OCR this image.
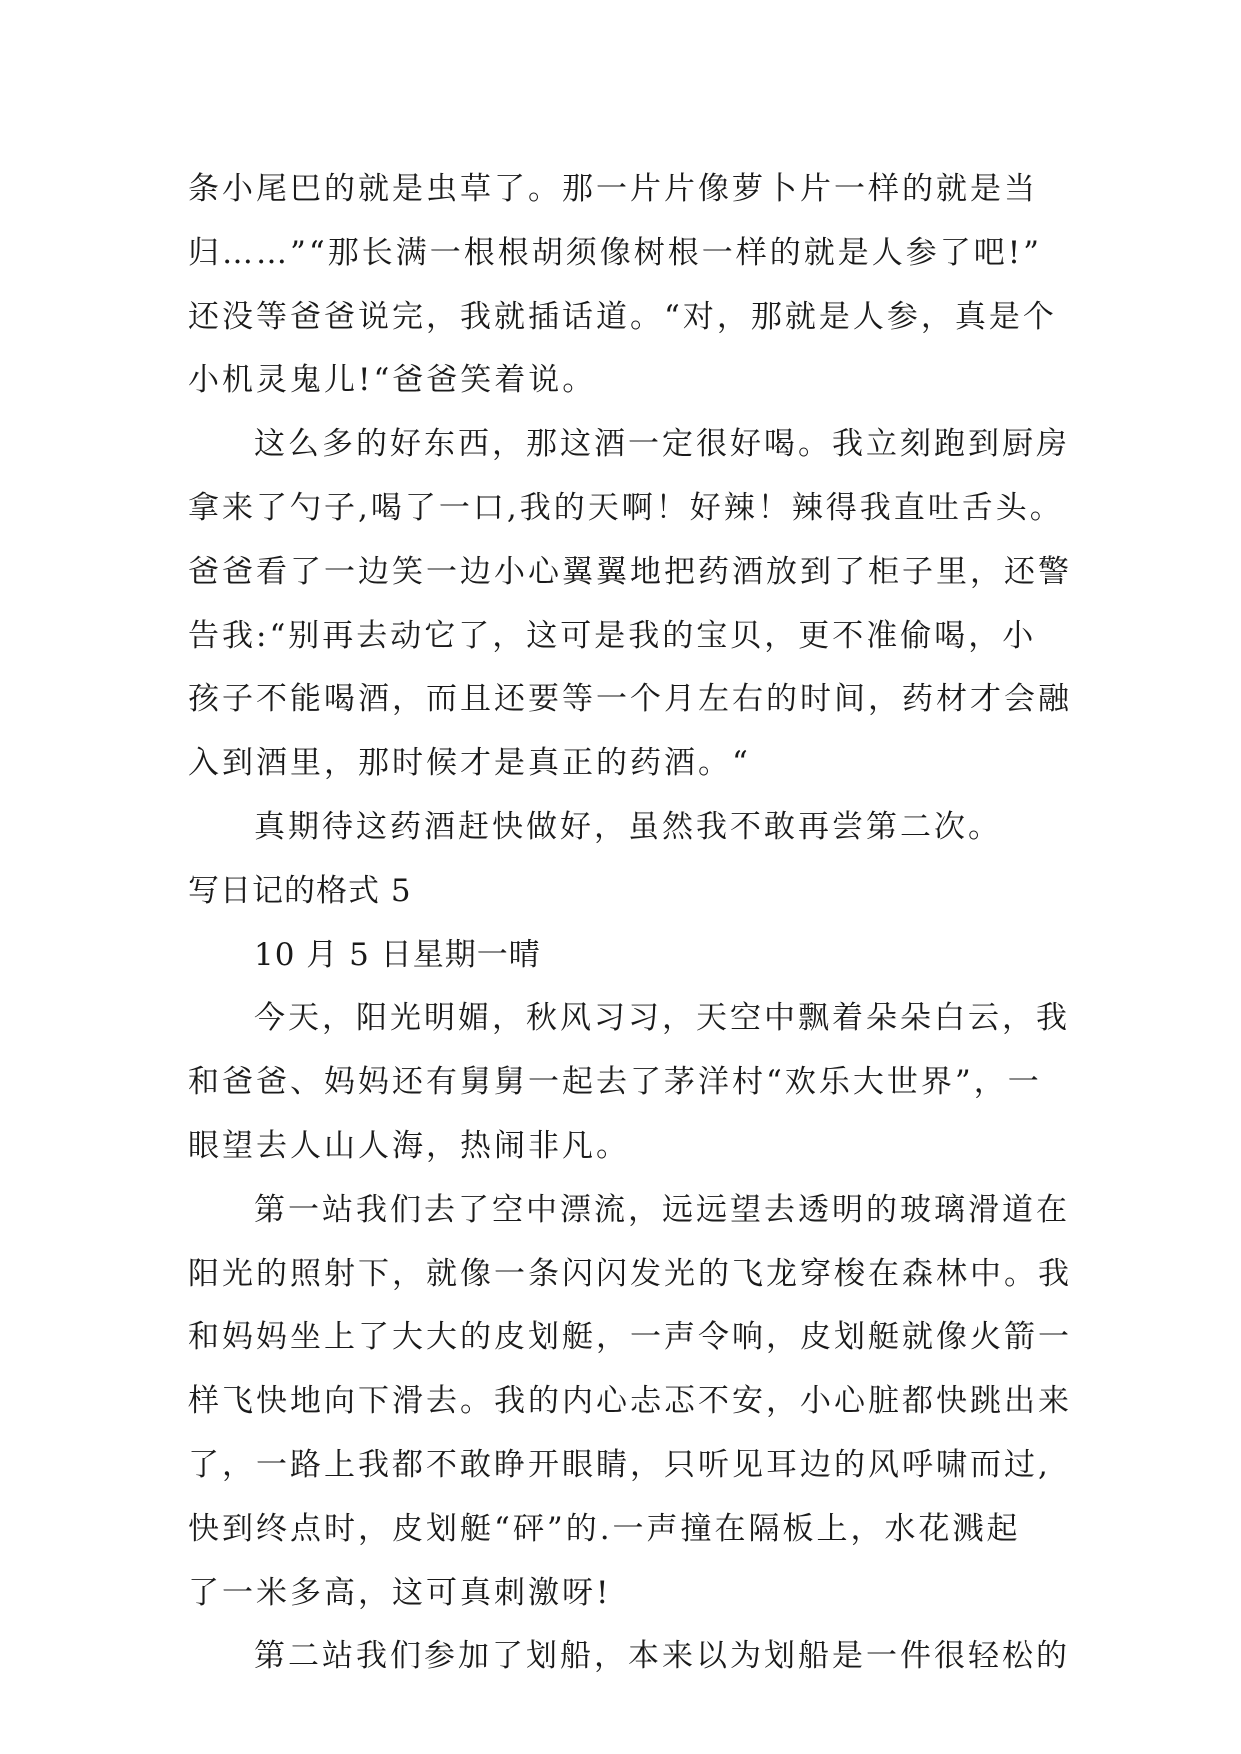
条小尾巴的就是虫草了。那一片片像萝卜片一样的就是当
归……”“那长满一根根胡须像树根一样的就是人参了吧!”
还没等爸爸说完，我就插话道。“对，那就是人参，真是个
小机灵鬼儿!“爸爸笑着说。
这么多的好东西，那这酒一定很好喝。我立刻跑到厨房
拿来了勺子,喝了一口,我的天啊！好辣！辣得我直吐舌头。
爸爸看了一边笑一边小心翼翼地把药酒放到了柜子里，还警
告我:“别再去动它了，这可是我的宝贝，更不准偷喝，小
孩子不能喝酒，而且还要等一个月左右的时间，药材才会融
入到酒里，那时候才是真正的药酒。“
真期待这药酒赶快做好，虽然我不敢再尝第二次。
写日记的格式 5
10 月 5 日星期一晴
今天，阳光明媚，秋风习习，天空中飘着朵朵白云，我
和爸爸、妈妈还有舅舅一起去了茅洋村“欢乐大世界”，一
眼望去人山人海，热闹非凡。
第一站我们去了空中漂流，远远望去透明的玻璃滑道在
阳光的照射下，就像一条闪闪发光的飞龙穿梭在森林中。我
和妈妈坐上了大大的皮划艇，一声令响，皮划艇就像火箭一
样飞快地向下滑去。我的内心忐忑不安，小心脏都快跳出来
了，一路上我都不敢睁开眼睛，只听见耳边的风呼啸而过,
快到终点时，皮划艇“砰”的.一声撞在隔板上，水花溅起
了一米多高，这可真刺激呀!
第二站我们参加了划船，本来以为划船是一件很轻松的
